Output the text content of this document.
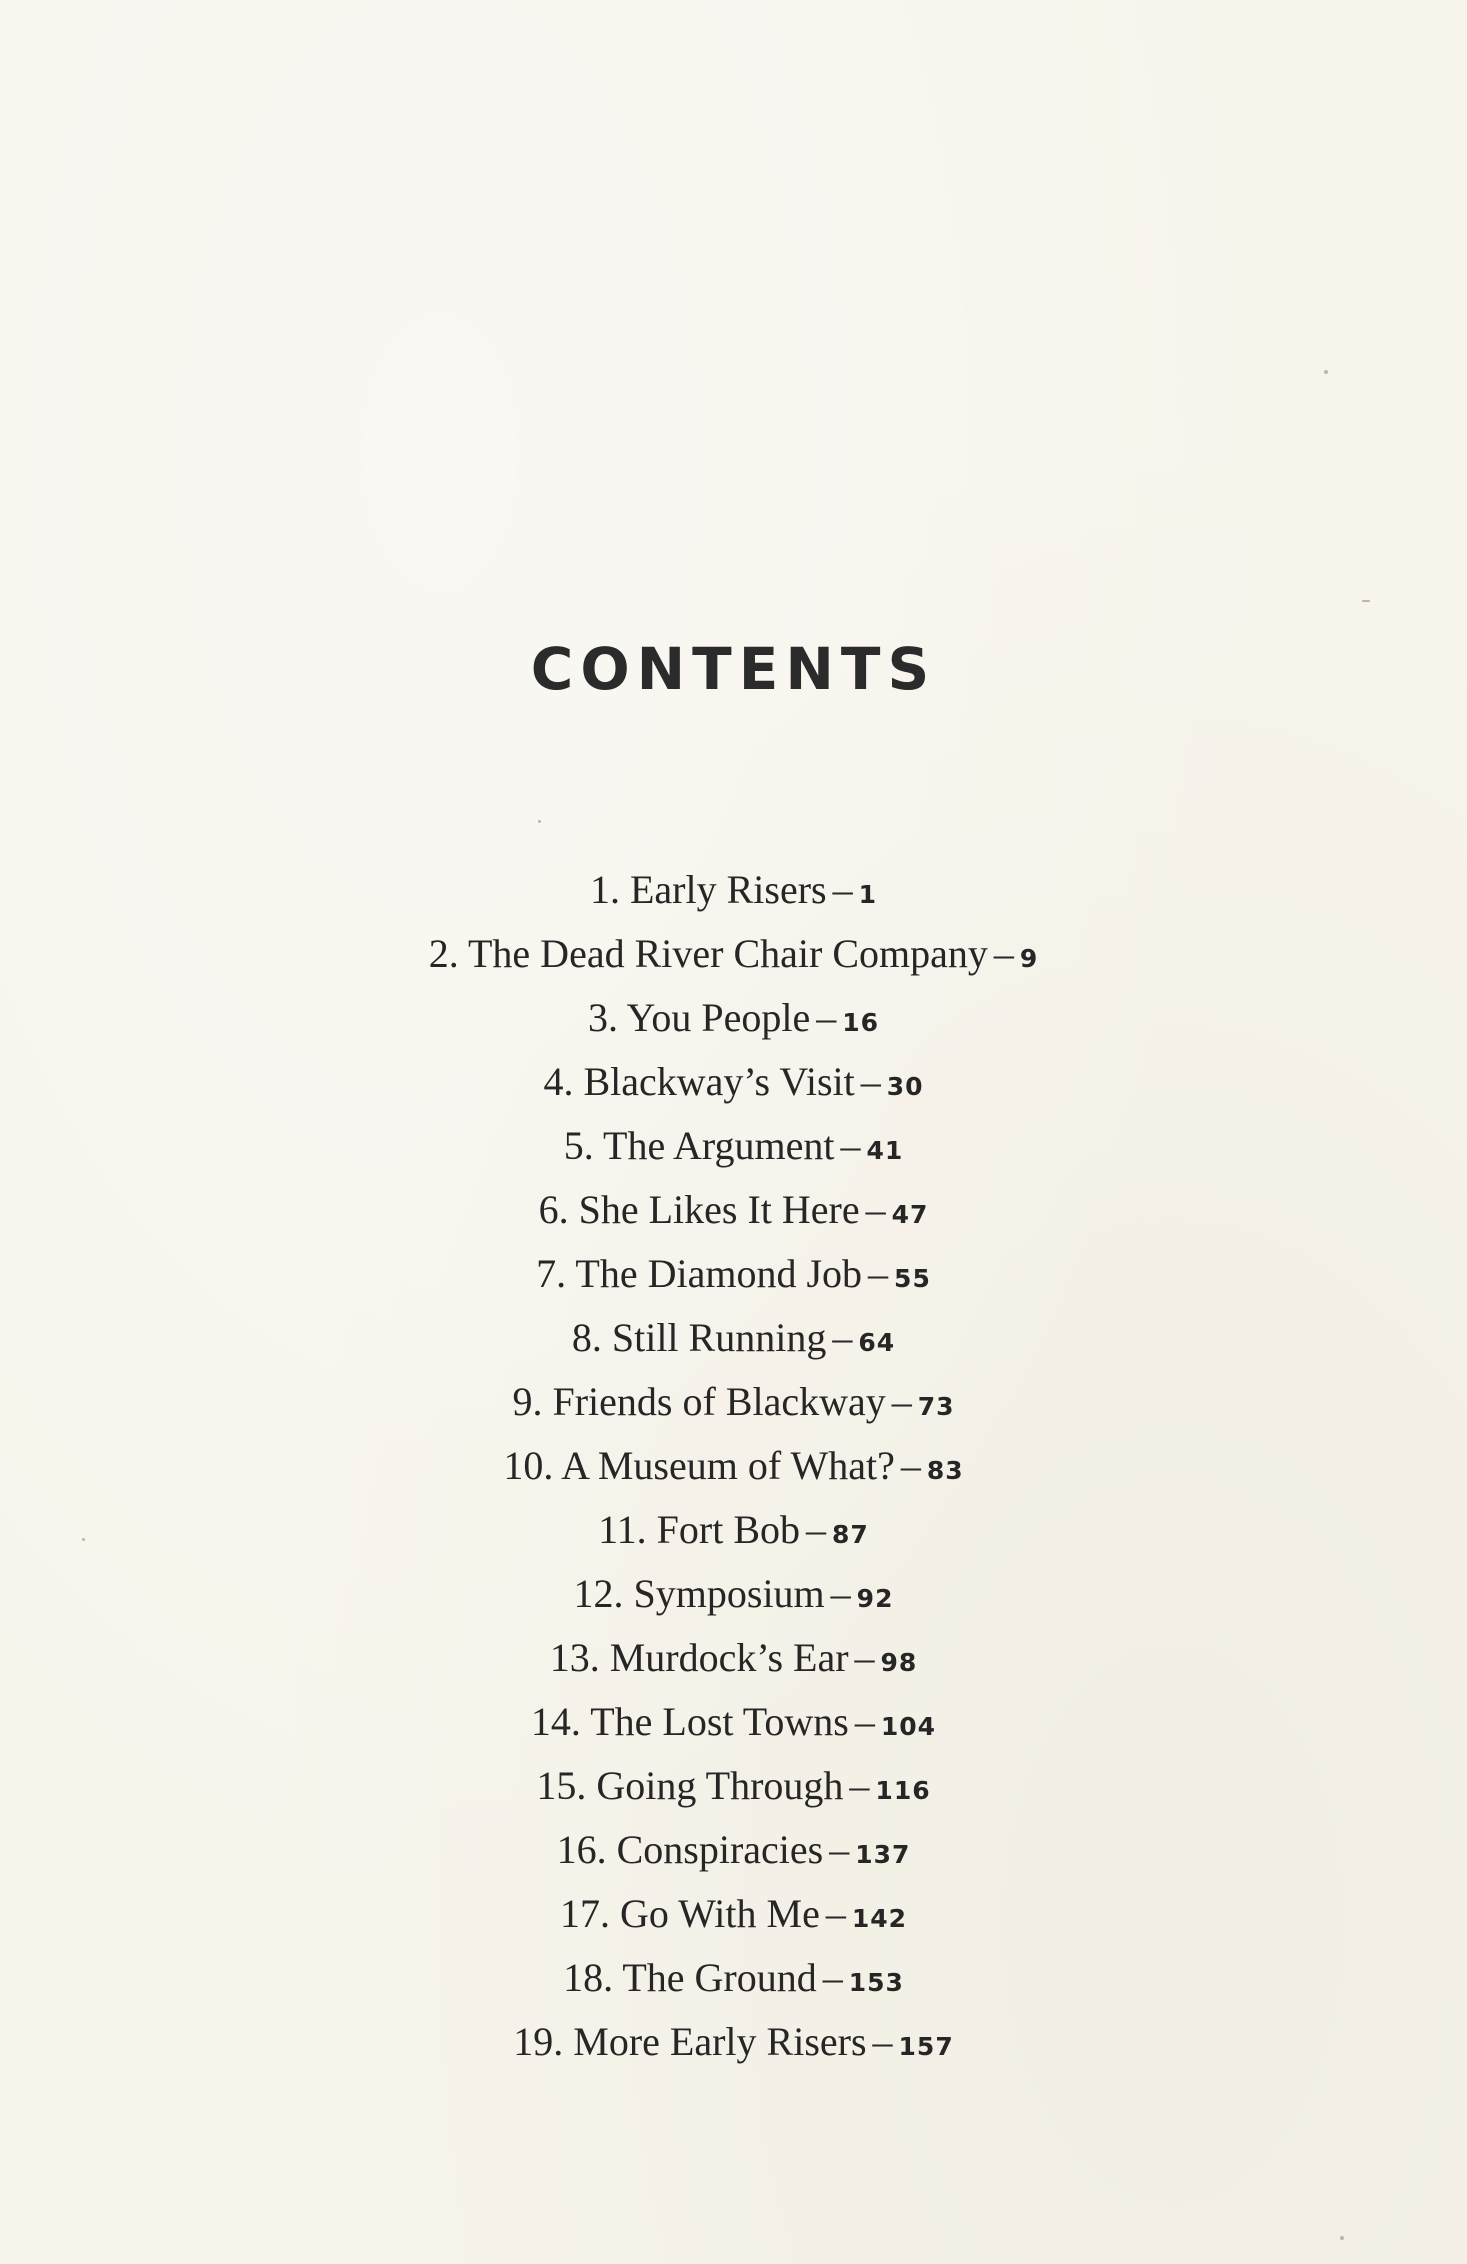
CONTENTS
1. Early Risers – 1
2. The Dead River Chair Company – 9
3. You People – 16
4. Blackway’s Visit – 30
5. The Argument – 41
6. She Likes It Here – 47
7. The Diamond Job – 55
8. Still Running – 64
9. Friends of Blackway – 73
10. A Museum of What? – 83
11. Fort Bob – 87
12. Symposium – 92
13. Murdock’s Ear – 98
14. The Lost Towns – 104
15. Going Through – 116
16. Conspiracies – 137
17. Go With Me – 142
18. The Ground – 153
19. More Early Risers – 157
